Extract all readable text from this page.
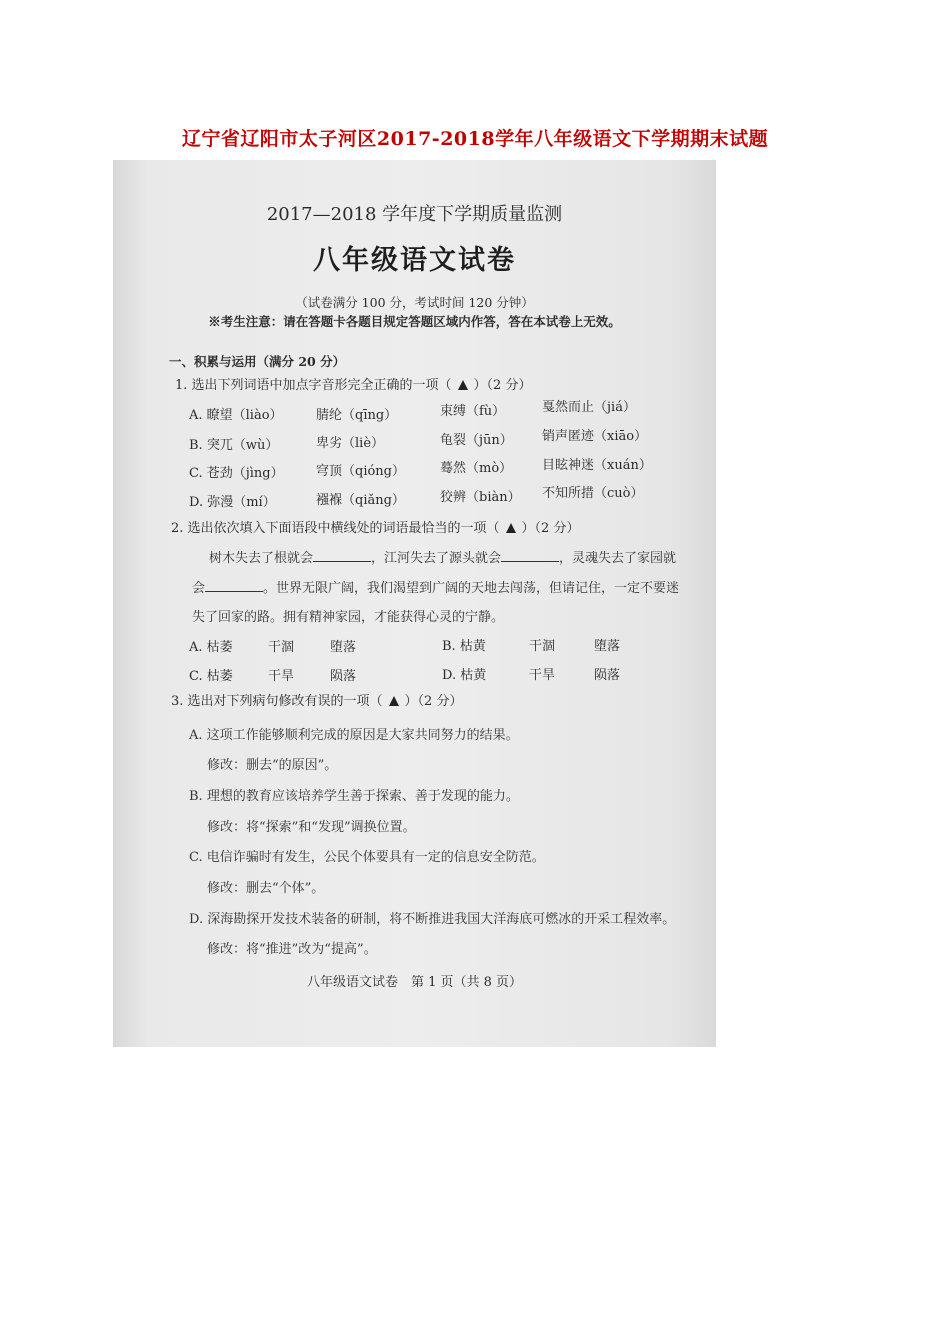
辽宁省辽阳市太子河区2017-2018学年八年级语文下学期期末试题
2017—2018 学年度下学期质量监测
八年级语文试卷
（试卷满分 100 分，考试时间 120 分钟）
※考生注意：请在答题卡各题目规定答题区域内作答，答在本试卷上无效。
一、积累与运用（满分 20 分）
1. 选出下列词语中加点字音形完全正确的一项（ ）（2 分）
A. 瞭望（liào）	腈纶（qīng）	束缚（fù）	戛然而止（jiá）
B. 突兀（wù）	卑劣（liè）	龟裂（jūn） 销声匿迹（xiāo）
C. 苍劲（jìng） 穹顶（qióng）	蓦然（mò） 目眩神迷（xuán）
D. 弥漫（mí）	襁褓（qiǎng）	狡辨（biàn） 不知所措（cuò）
2. 选出依次填入下面语段中横线处的词语最恰当的一项（ ）（2 分）
树木失去了根就会	，江河失去了源头就会	，灵魂失去了家园就
会	。世界无限广阔，我们渴望到广阔的天地去闯荡，但请记住，一定不要迷
失了回家的路。拥有精神家园，才能获得心灵的宁静。
A. 枯萎	干涸	堕落	B. 枯黄	干涸	堕落
C. 枯萎	干旱	陨落	D. 枯黄	干旱	陨落
3. 选出对下列病句修改有误的一项（ ）（2 分）
A. 这项工作能够顺利完成的原因是大家共同努力的结果。
修改：删去“的原因”。
B. 理想的教育应该培养学生善于探索、善于发现的能力。
修改：将“探索”和“发现”调换位置。
C. 电信诈骗时有发生，公民个体要具有一定的信息安全防范。
修改：删去“个体”。
D. 深海勘探开发技术装备的研制，将不断推进我国大洋海底可燃冰的开采工程效率。
修改：将“推进”改为“提高”。
八年级语文试卷　第 1 页（共 8 页）
